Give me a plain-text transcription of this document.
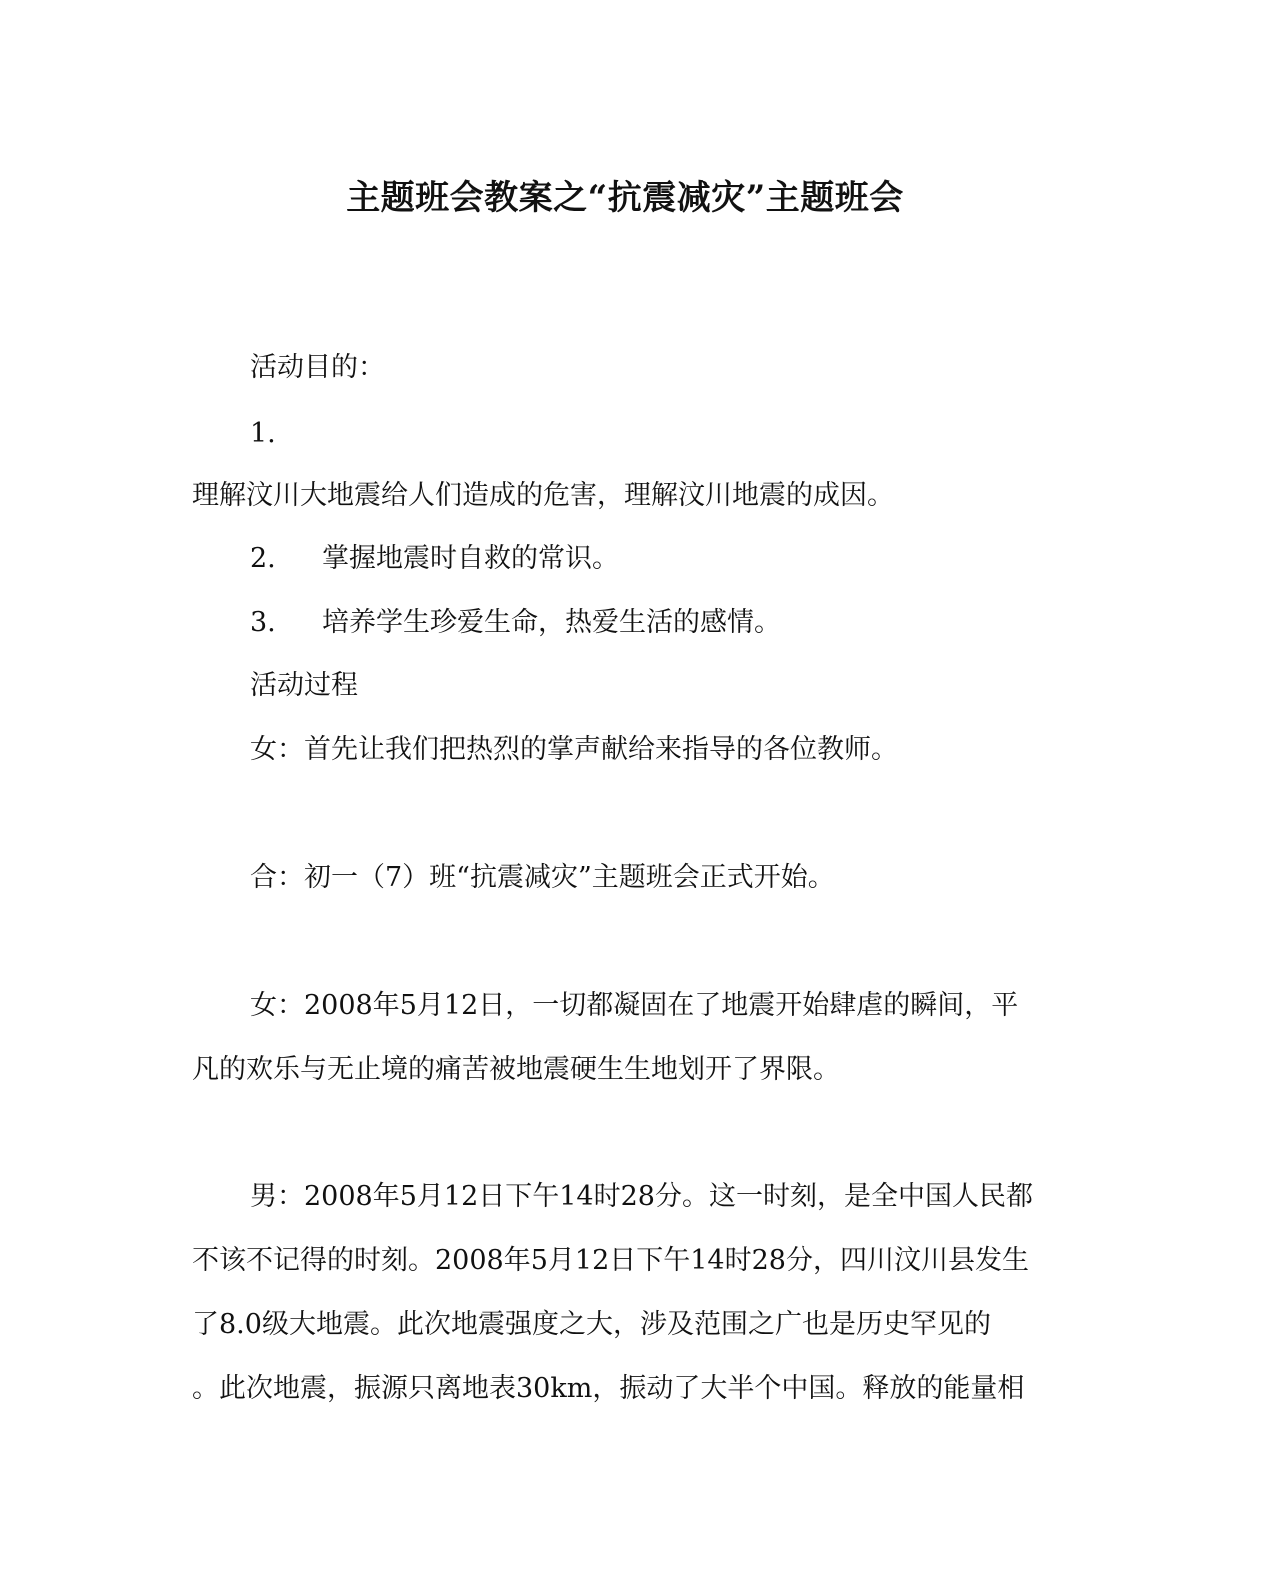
主题班会教案之“抗震减灾”主题班会
活动目的：
1.
理解汶川大地震给人们造成的危害，理解汶川地震的成因。
2. 掌握地震时自救的常识。
3. 培养学生珍爱生命，热爱生活的感情。
活动过程
女：首先让我们把热烈的掌声献给来指导的各位教师。
合：初一（7）班“抗震减灾”主题班会正式开始。
女：2008年5月12日，一切都凝固在了地震开始肆虐的瞬间，平
凡的欢乐与无止境的痛苦被地震硬生生地划开了界限。
男：2008年5月12日下午14时28分。这一时刻，是全中国人民都
不该不记得的时刻。2008年5月12日下午14时28分，四川汶川县发生
了8.0级大地震。此次地震强度之大，涉及范围之广也是历史罕见的
。此次地震，振源只离地表30km，振动了大半个中国。释放的能量相
